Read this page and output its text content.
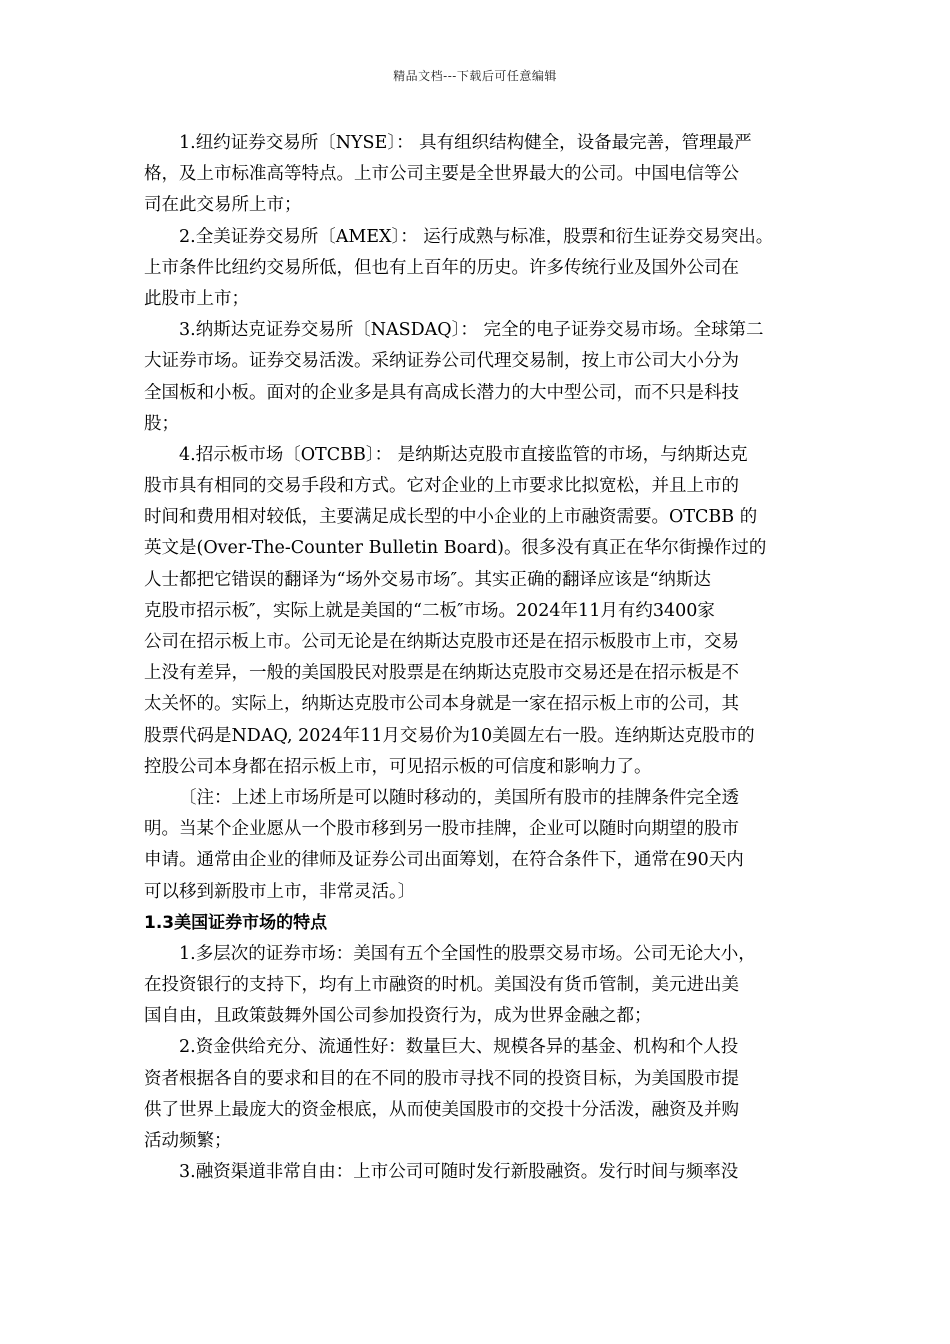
精品文档---下载后可任意编辑
1.纽约证券交易所〔NYSE〕： 具有组织结构健全，设备最完善，管理最严
格，及上市标准高等特点。上市公司主要是全世界最大的公司。中国电信等公
司在此交易所上市；
2.全美证券交易所〔AMEX〕： 运行成熟与标准，股票和衍生证券交易突出。
上市条件比纽约交易所低，但也有上百年的历史。许多传统行业及国外公司在
此股市上市；
3.纳斯达克证券交易所〔NASDAQ〕： 完全的电子证券交易市场。全球第二
大证券市场。证券交易活泼。采纳证券公司代理交易制，按上市公司大小分为
全国板和小板。面对的企业多是具有高成长潜力的大中型公司，而不只是科技
股；
4.招示板市场〔OTCBB〕： 是纳斯达克股市直接监管的市场，与纳斯达克
股市具有相同的交易手段和方式。它对企业的上市要求比拟宽松，并且上市的
时间和费用相对较低，主要满足成长型的中小企业的上市融资需要。OTCBB 的
英文是(Over-The-Counter Bulletin Board)。很多没有真正在华尔街操作过的
人士都把它错误的翻译为“场外交易市场″。其实正确的翻译应该是“纳斯达
克股市招示板″，实际上就是美国的“二板″市场。2024年11月有约3400家
公司在招示板上市。公司无论是在纳斯达克股市还是在招示板股市上市，交易
上没有差异，一般的美国股民对股票是在纳斯达克股市交易还是在招示板是不
太关怀的。实际上，纳斯达克股市公司本身就是一家在招示板上市的公司，其
股票代码是NDAQ, 2024年11月交易价为10美圆左右一股。连纳斯达克股市的
控股公司本身都在招示板上市，可见招示板的可信度和影响力了。
〔注：上述上市场所是可以随时移动的，美国所有股市的挂牌条件完全透
明。当某个企业愿从一个股市移到另一股市挂牌，企业可以随时向期望的股市
申请。通常由企业的律师及证券公司出面筹划，在符合条件下，通常在90天内
可以移到新股市上市，非常灵活。〕
1.3美国证券市场的特点
1.多层次的证券市场：美国有五个全国性的股票交易市场。公司无论大小，
在投资银行的支持下，均有上市融资的时机。美国没有货币管制，美元进出美
国自由，且政策鼓舞外国公司参加投资行为，成为世界金融之都；
2.资金供给充分、流通性好：数量巨大、规模各异的基金、机构和个人投
资者根据各自的要求和目的在不同的股市寻找不同的投资目标，为美国股市提
供了世界上最庞大的资金根底，从而使美国股市的交投十分活泼，融资及并购
活动频繁；
3.融资渠道非常自由：上市公司可随时发行新股融资。发行时间与频率没
